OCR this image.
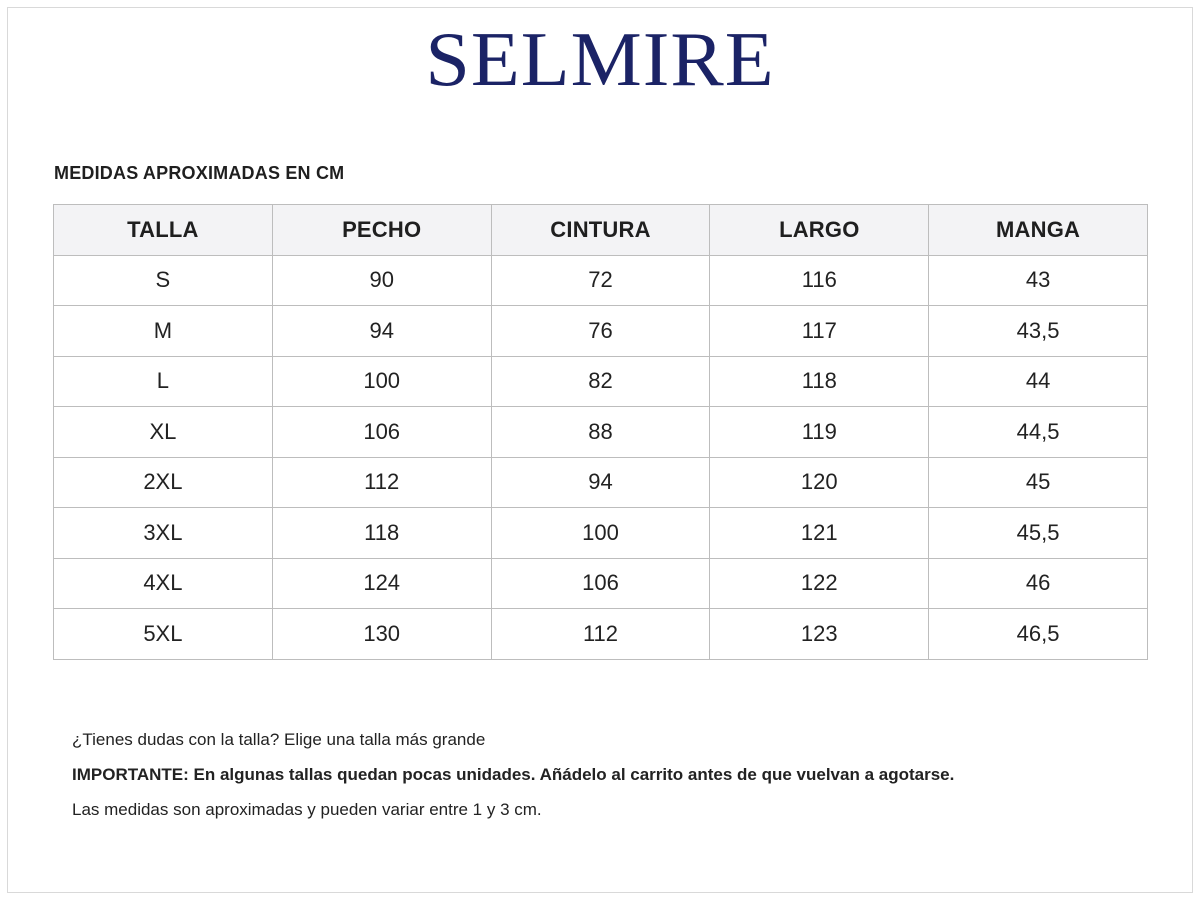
SELMIRE
MEDIDAS APROXIMADAS EN CM
TALLA	PECHO	CINTURA	LARGO	MANGA
S	90	72	116	43
M	94	76	117	43,5
L	100	82	118	44
XL	106	88	119	44,5
2XL	112	94	120	45
3XL	118	100	121	45,5
4XL	124	106	122	46
5XL	130	112	123	46,5

¿Tienes dudas con la talla? Elige una talla más grande

IMPORTANTE: En algunas tallas quedan pocas unidades. Añádelo al carrito antes de que vuelvan a agotarse.

Las medidas son aproximadas y pueden variar entre 1 y 3 cm.
